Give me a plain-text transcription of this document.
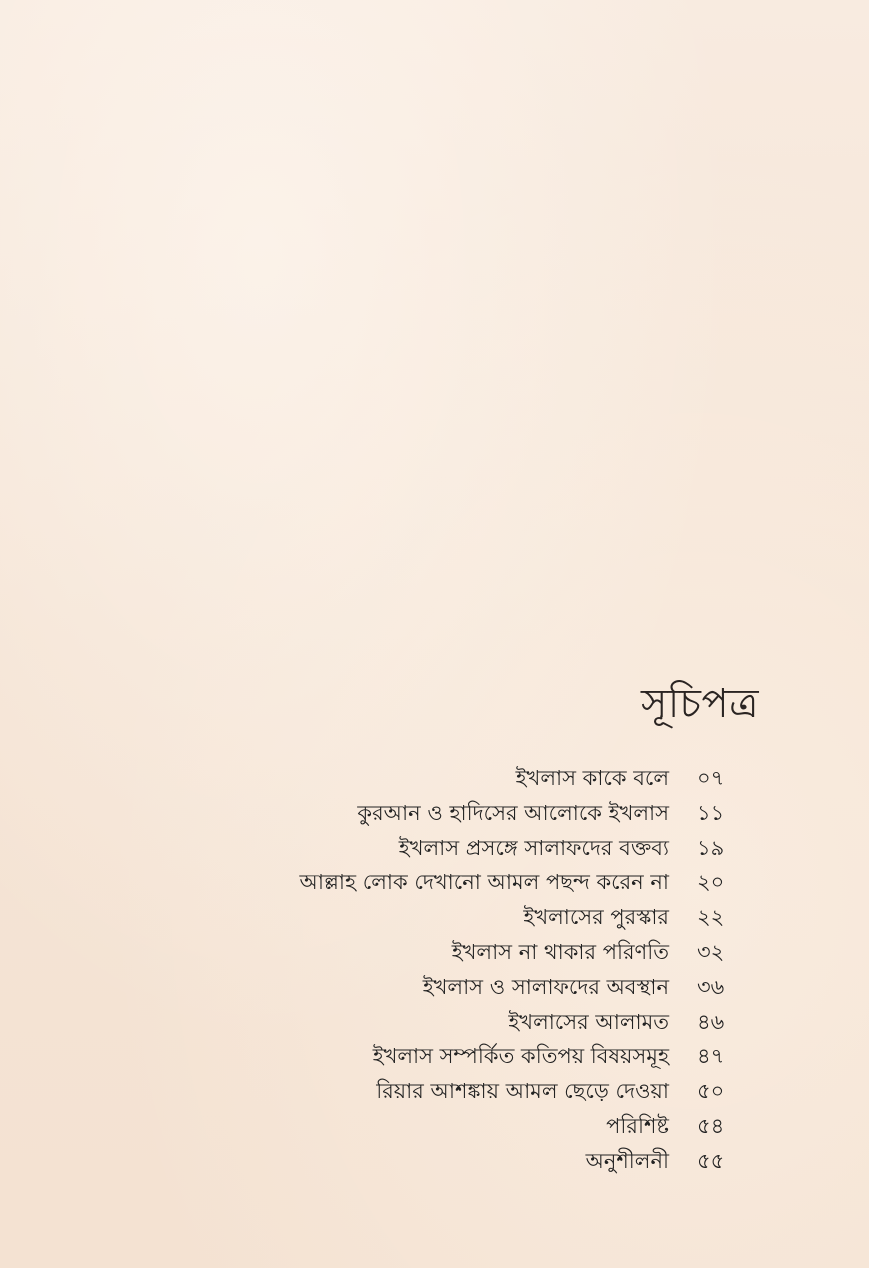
সূচিপত্র
ইখলাস কাকে বলে ০৭
কুরআন ও হাদিসের আলোকে ইখলাস ১১
ইখলাস প্রসঙ্গে সালাফদের বক্তব্য ১৯
আল্লাহ লোক দেখানো আমল পছন্দ করেন না ২০
ইখলাসের পুরস্কার ২২
ইখলাস না থাকার পরিণতি ৩২
ইখলাস ও সালাফদের অবস্থান ৩৬
ইখলাসের আলামত ৪৬
ইখলাস সম্পর্কিত কতিপয় বিষয়সমূহ ৪৭
রিয়ার আশঙ্কায় আমল ছেড়ে দেওয়া ৫০
পরিশিষ্ট ৫৪
অনুশীলনী ৫৫
